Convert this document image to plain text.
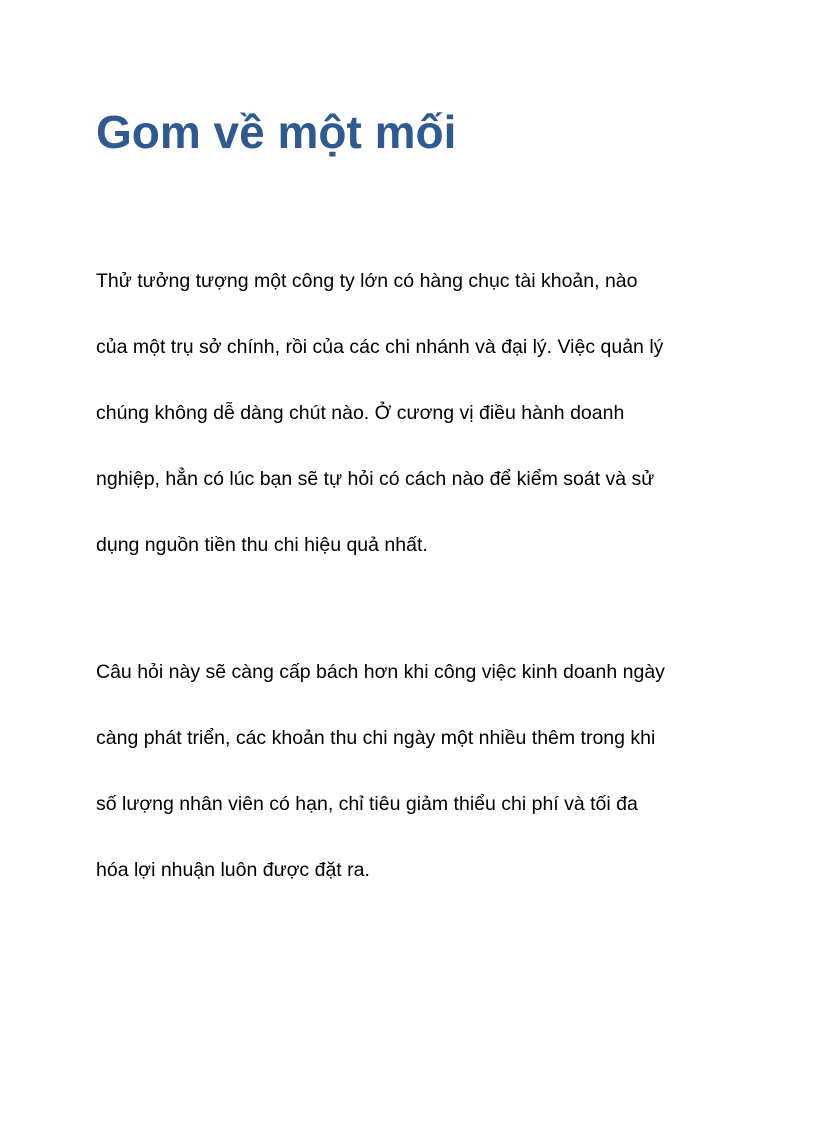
Gom về một mối

Thử tưởng tượng một công ty lớn có hàng chục tài khoản, nào
của một trụ sở chính, rồi của các chi nhánh và đại lý. Việc quản lý
chúng không dễ dàng chút nào. Ở cương vị điều hành doanh
nghiệp, hẳn có lúc bạn sẽ tự hỏi có cách nào để kiểm soát và sử
dụng nguồn tiền thu chi hiệu quả nhất.

Câu hỏi này sẽ càng cấp bách hơn khi công việc kinh doanh ngày
càng phát triển, các khoản thu chi ngày một nhiều thêm trong khi
số lượng nhân viên có hạn, chỉ tiêu giảm thiểu chi phí và tối đa
hóa lợi nhuận luôn được đặt ra.
